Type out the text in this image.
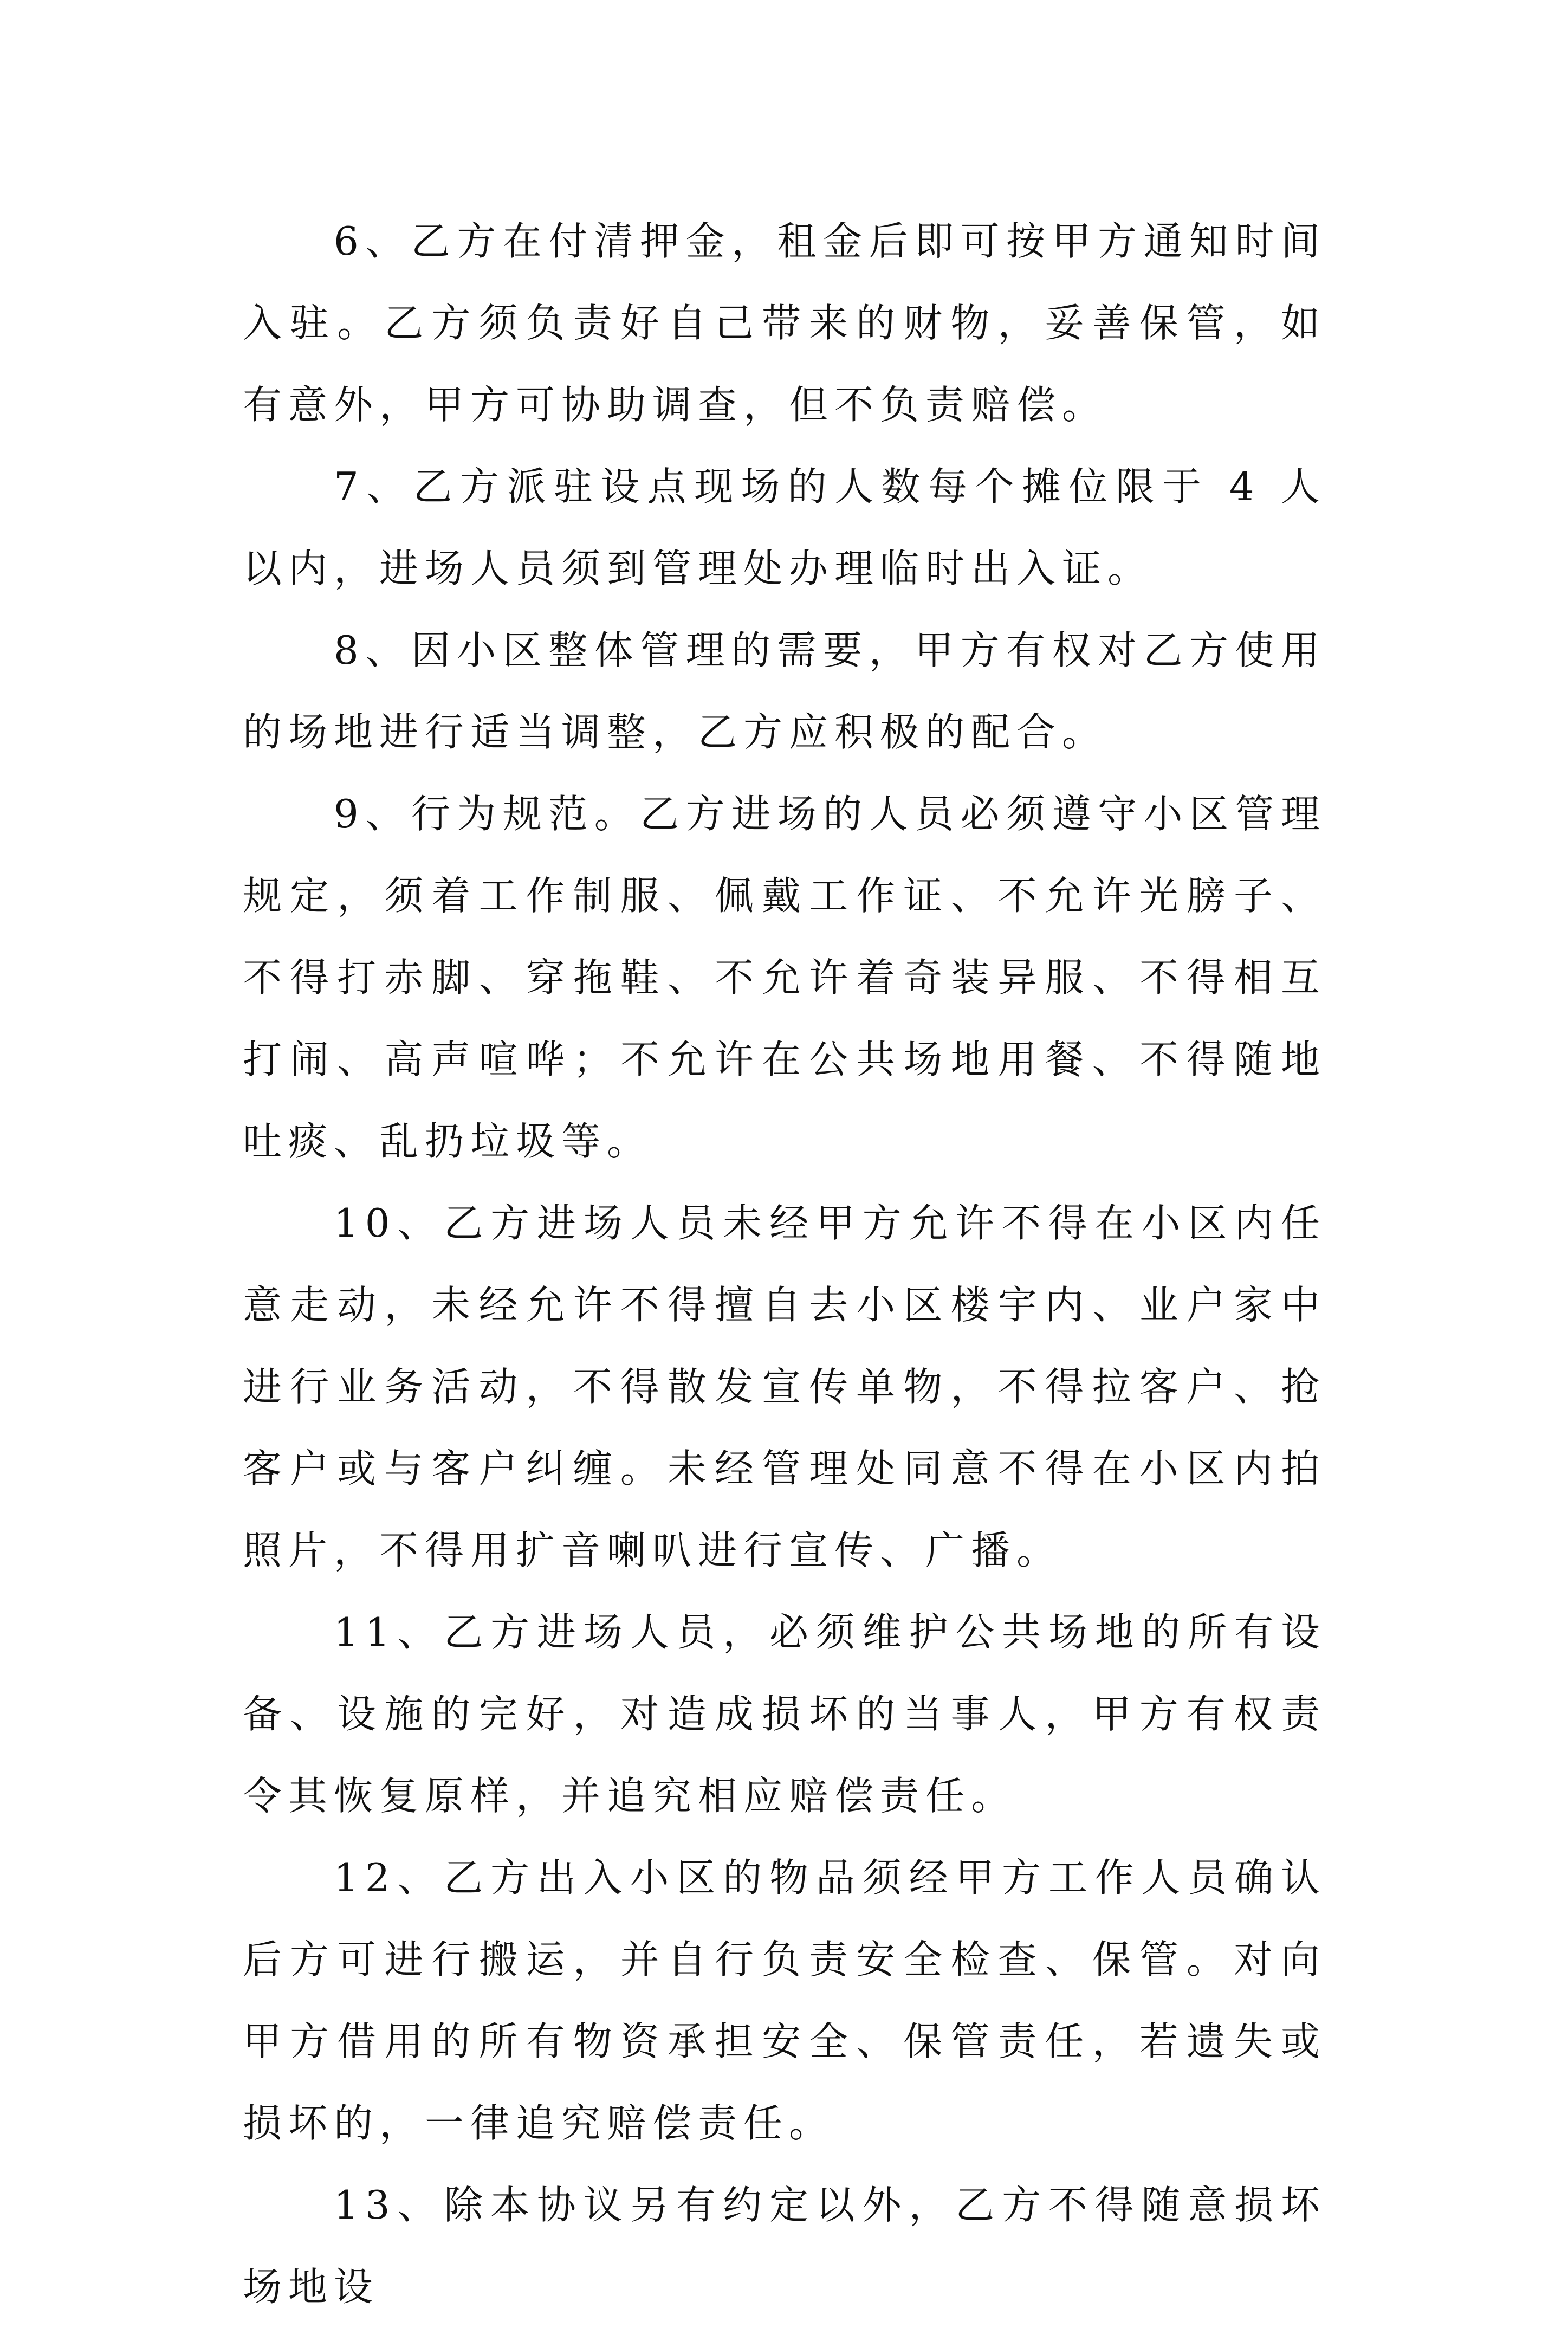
6、乙方在付清押金，租金后即可按甲方通知时间入驻。乙方须负责好自己带来的财物，妥善保管，如有意外，甲方可协助调查，但不负责赔偿。

7、乙方派驻设点现场的人数每个摊位限于 4 人以内，进场人员须到管理处办理临时出入证。

8、因小区整体管理的需要，甲方有权对乙方使用的场地进行适当调整，乙方应积极的配合。

9、行为规范。乙方进场的人员必须遵守小区管理规定，须着工作制服、佩戴工作证、不允许光膀子、不得打赤脚、穿拖鞋、不允许着奇装异服、不得相互打闹、高声喧哗；不允许在公共场地用餐、不得随地吐痰、乱扔垃圾等。

10、乙方进场人员未经甲方允许不得在小区内任意走动，未经允许不得擅自去小区楼宇内、业户家中进行业务活动，不得散发宣传单物，不得拉客户、抢客户或与客户纠缠。未经管理处同意不得在小区内拍照片，不得用扩音喇叭进行宣传、广播。

11、乙方进场人员，必须维护公共场地的所有设备、设施的完好，对造成损坏的当事人，甲方有权责令其恢复原样，并追究相应赔偿责任。

12、乙方出入小区的物品须经甲方工作人员确认后方可进行搬运，并自行负责安全检查、保管。对向甲方借用的所有物资承担安全、保管责任，若遗失或损坏的，一律追究赔偿责任。

13、除本协议另有约定以外，乙方不得随意损坏场地设
